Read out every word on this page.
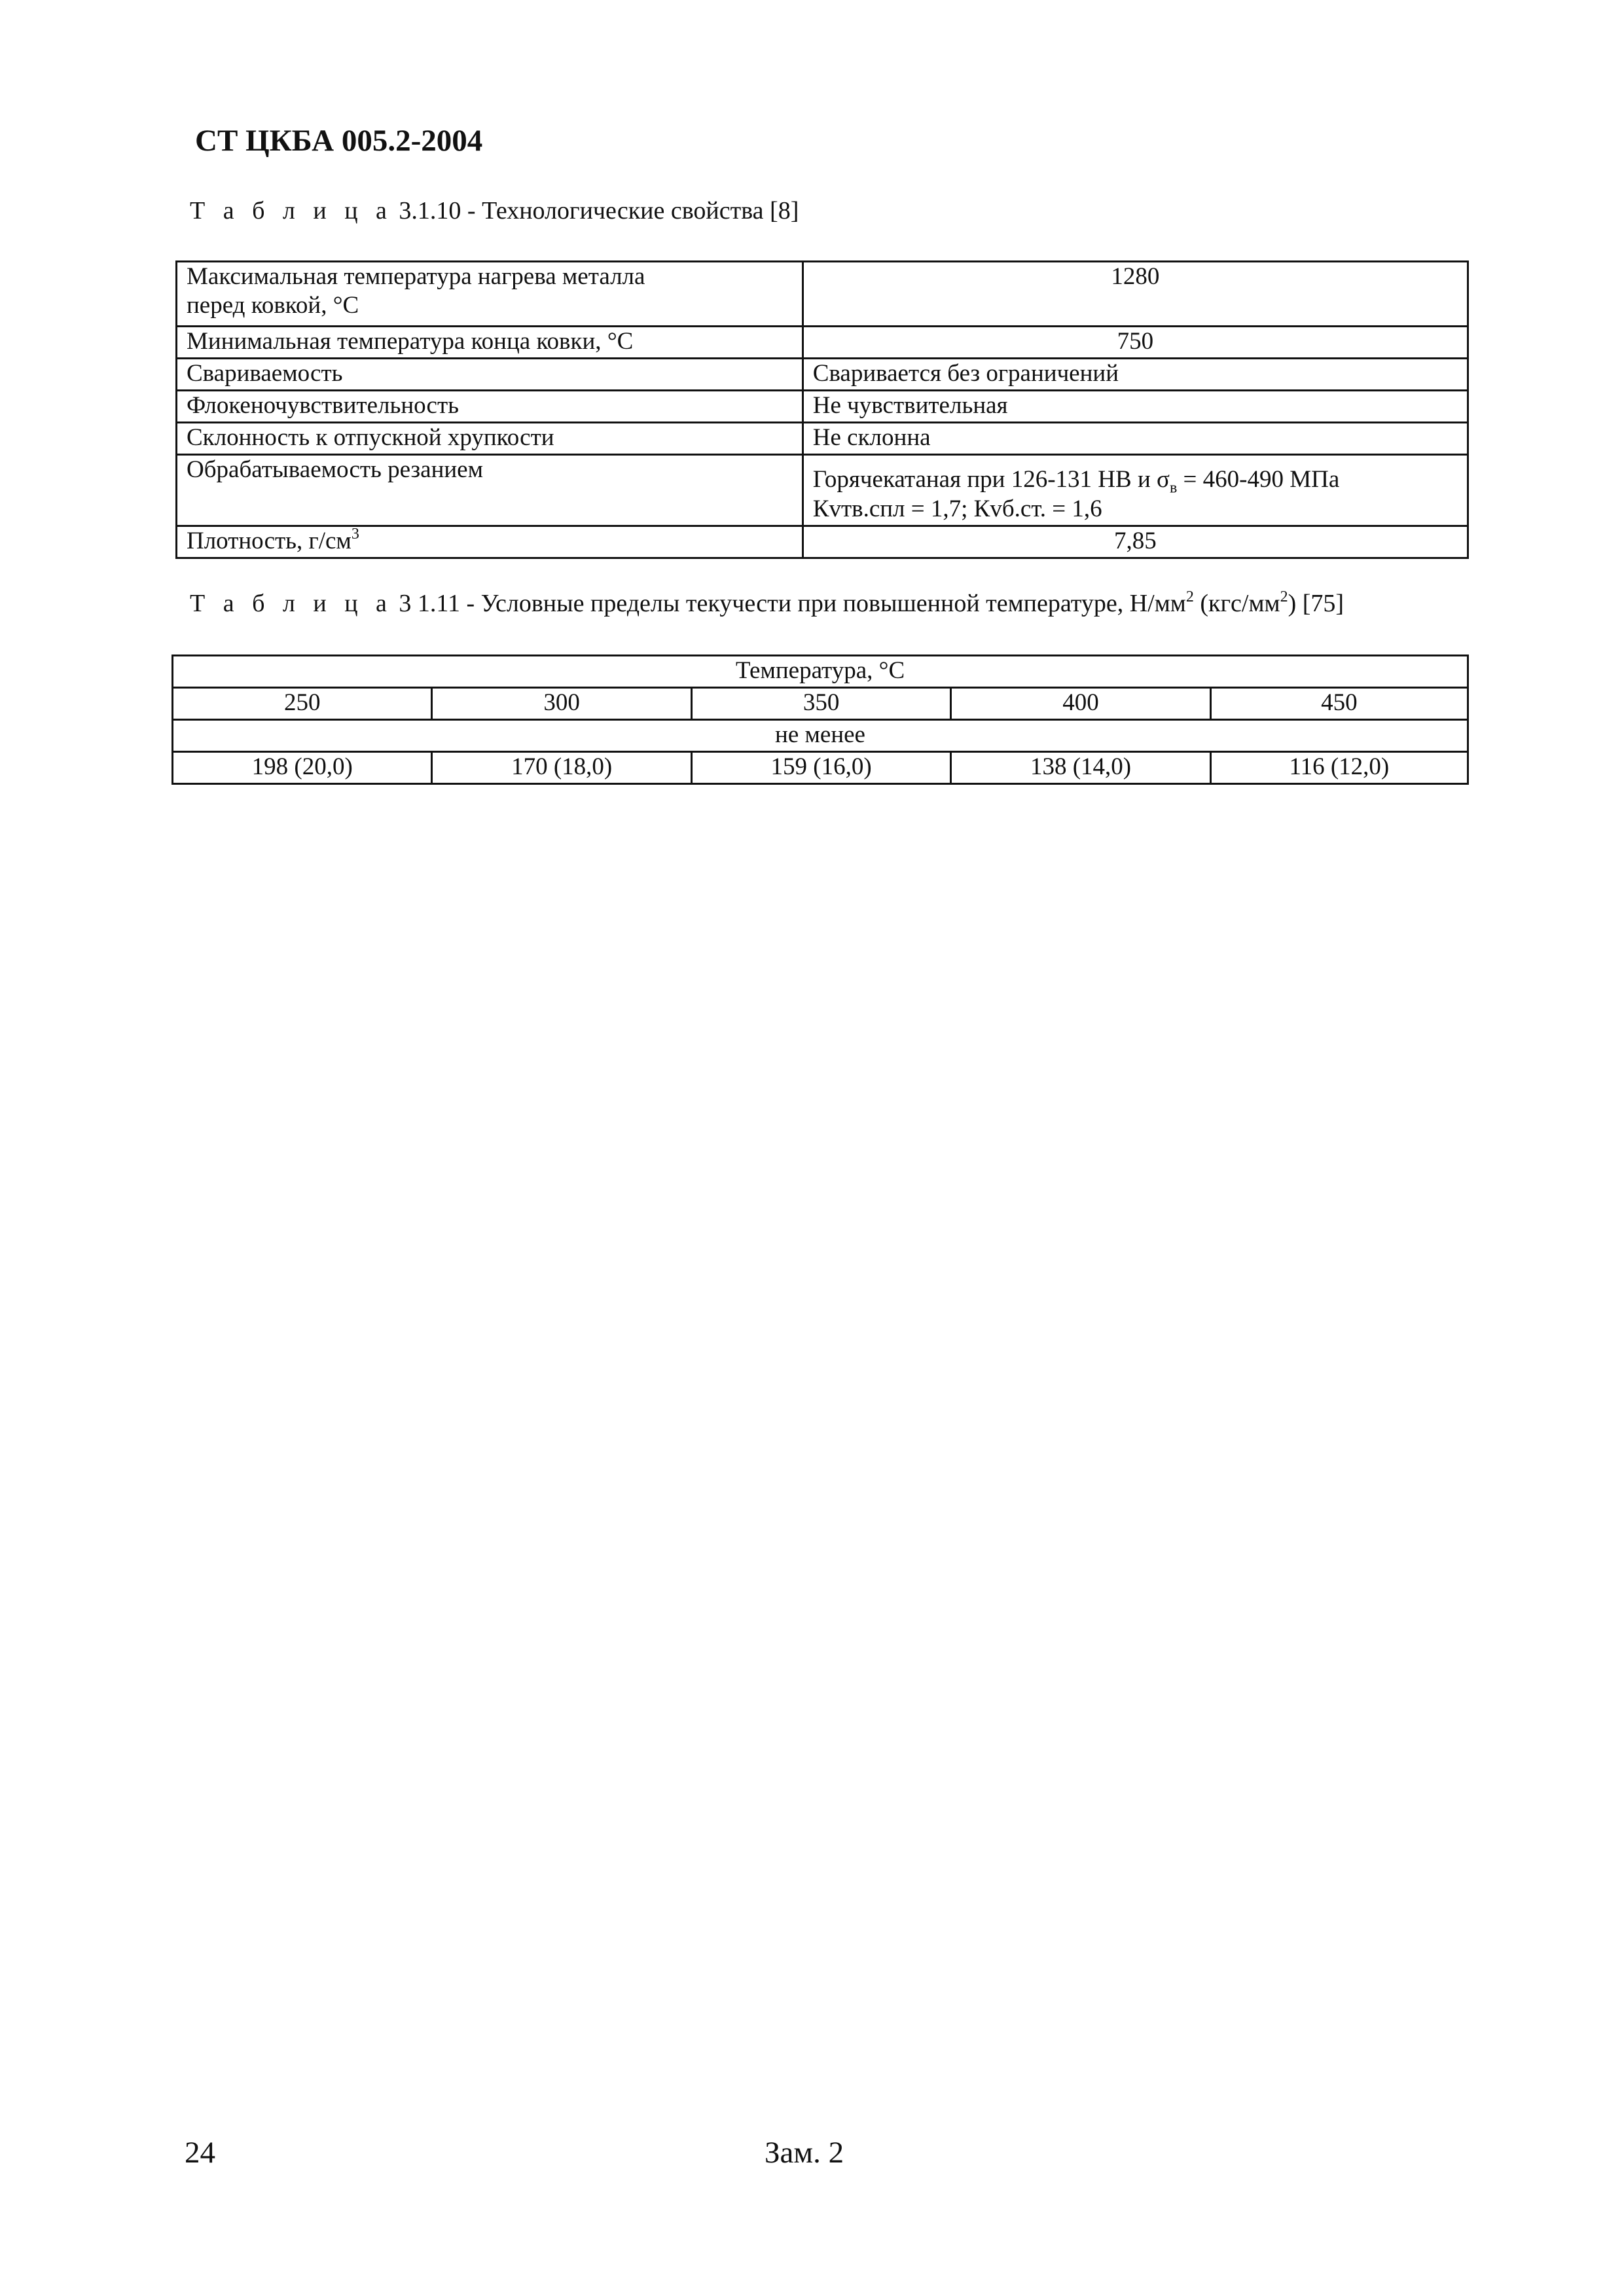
СТ ЦКБА 005.2-2004

Т а б л и ц а 3.1.10 - Технологические свойства [8]

Максимальная температура нагрева металла
перед ковкой, °C	1280
Минимальная температура конца ковки, °C	750
Свариваемость	Сваривается без ограничений
Флокеночувствительность	Не чувствительная
Склонность к отпускной хрупкости	Не склонна
Обрабатываемость резанием	Горячекатаная при 126-131 НВ и $\sigma_в = 460-490$ МПа
Кvтв.спл = 1,7; Кvб.ст. = 1,6
Плотность, $г/см^3$	7,85

Т а б л и ц а 3 1.11 - Условные пределы текучести при повышенной температуре, $Н/мм^2$ $(кгс/мм^2)$ [75]

Температура, °C				
250	300	350	400	450
не менее				
198 (20,0)	170 (18,0)	159 (16,0)	138 (14,0)	116 (12,0)

24	Зам. 2
